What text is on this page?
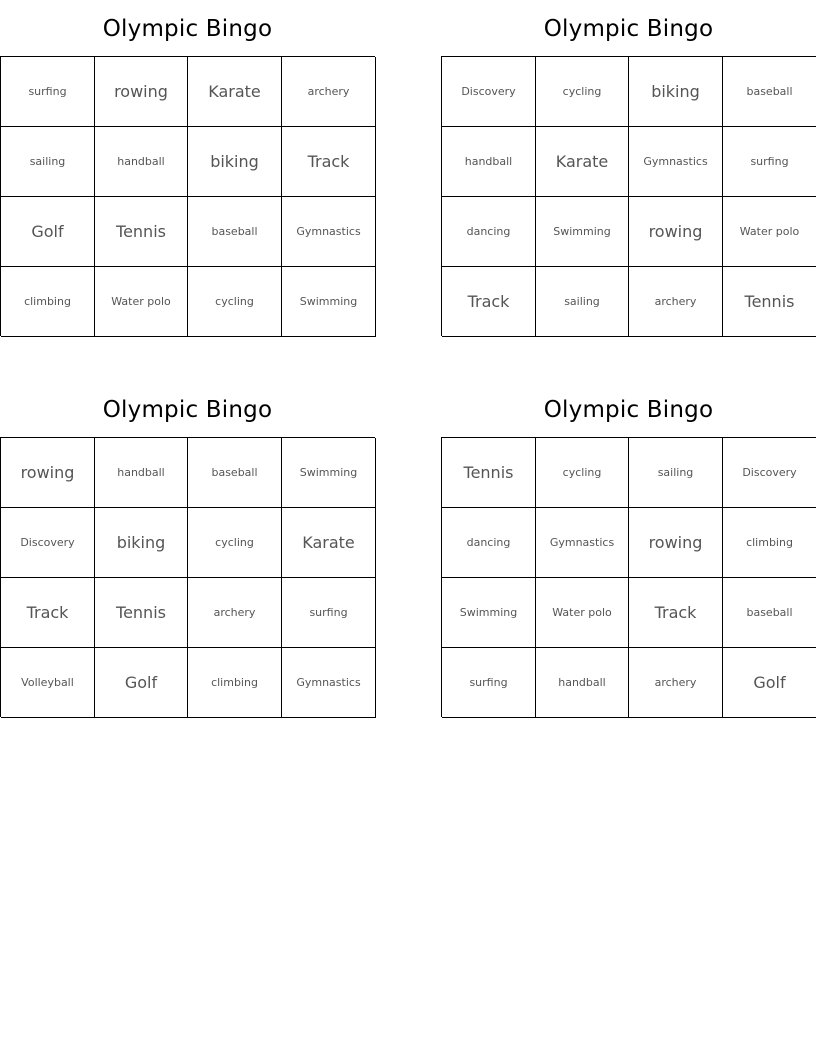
Olympic Bingo
surfing	rowing	Karate	archery
sailing	handball	biking	Track
Golf	Tennis	baseball	Gymnastics
climbing	Water polo	cycling	Swimming
Olympic Bingo
Discovery	cycling	biking	baseball
handball	Karate	Gymnastics	surfing
dancing	Swimming	rowing	Water polo
Track	sailing	archery	Tennis
Olympic Bingo
rowing	handball	baseball	Swimming
Discovery	biking	cycling	Karate
Track	Tennis	archery	surfing
Volleyball	Golf	climbing	Gymnastics
Olympic Bingo
Tennis	cycling	sailing	Discovery
dancing	Gymnastics	rowing	climbing
Swimming	Water polo	Track	baseball
surfing	handball	archery	Golf
